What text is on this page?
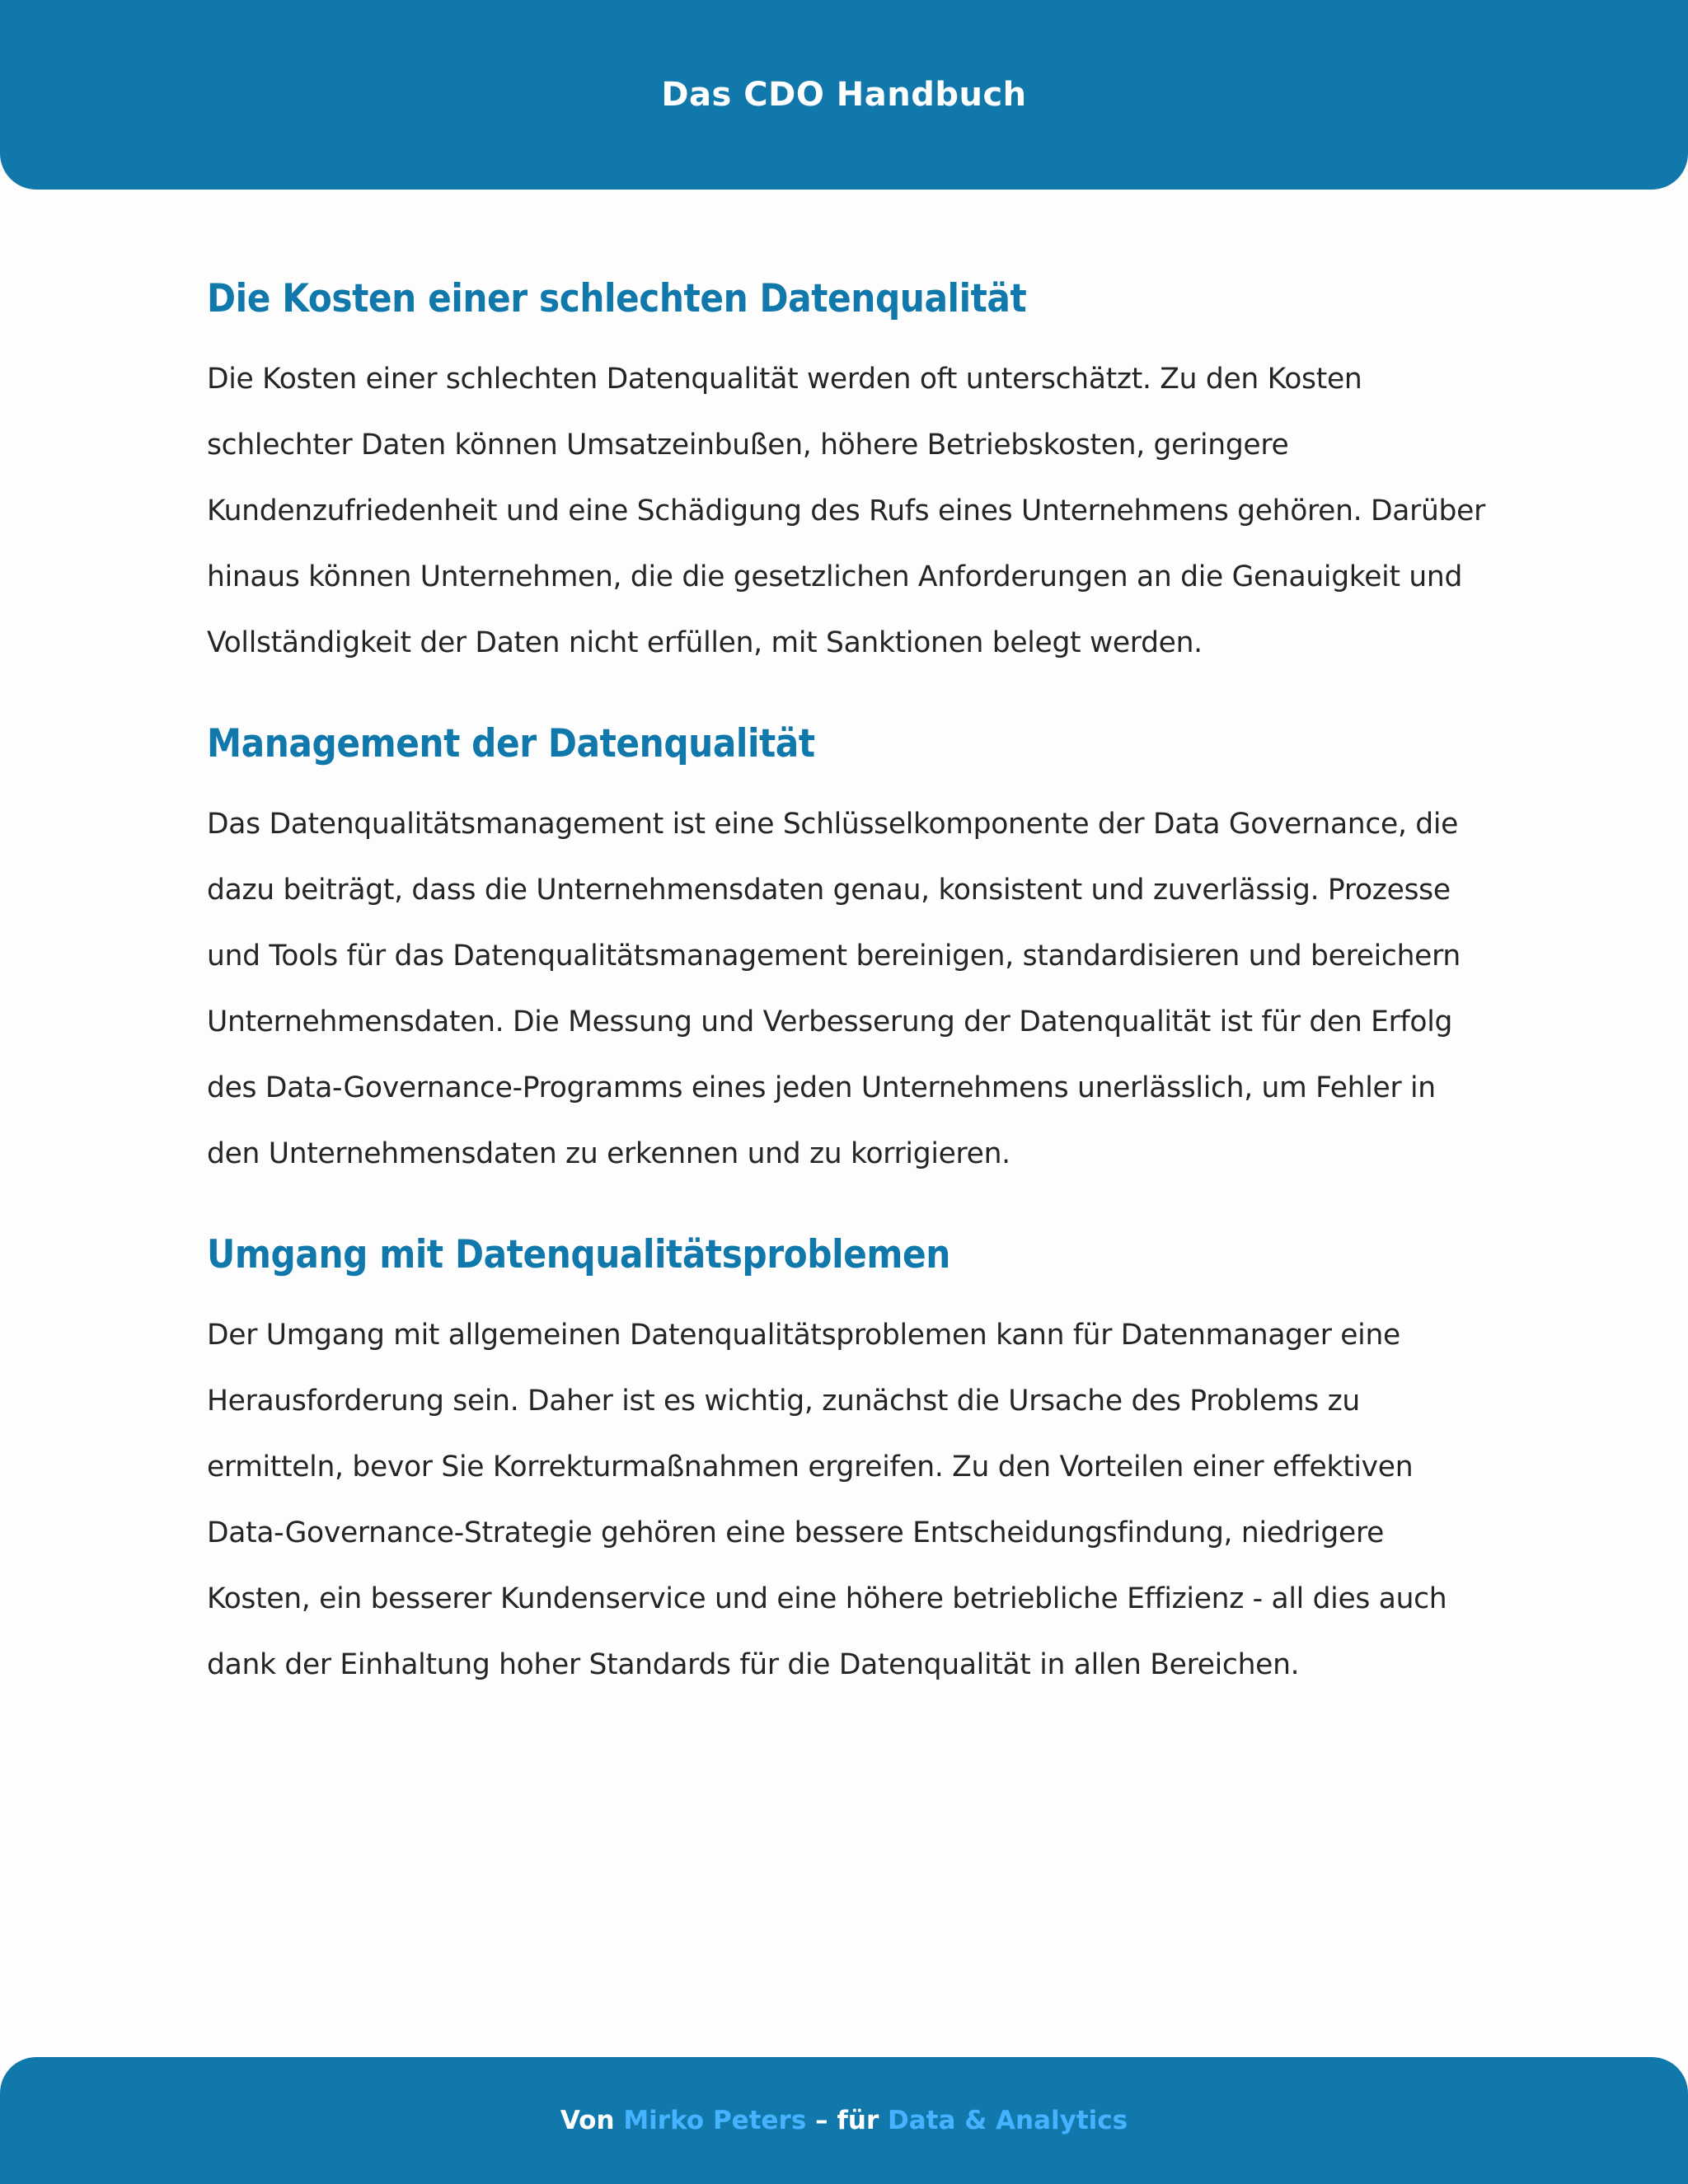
Das CDO Handbuch
Die Kosten einer schlechten Datenqualität

Die Kosten einer schlechten Datenqualität werden oft unterschätzt. Zu den Kosten schlechter Daten können Umsatzeinbußen, höhere Betriebskosten, geringere Kundenzufriedenheit und eine Schädigung des Rufs eines Unternehmens gehören. Darüber hinaus können Unternehmen, die die gesetzlichen Anforderungen an die Genauigkeit und Vollständigkeit der Daten nicht erfüllen, mit Sanktionen belegt werden.

Management der Datenqualität

Das Datenqualitätsmanagement ist eine Schlüsselkomponente der Data Governance, die dazu beiträgt, dass die Unternehmensdaten genau, konsistent und zuverlässig. Prozesse und Tools für das Datenqualitätsmanagement bereinigen, standardisieren und bereichern Unternehmensdaten. Die Messung und Verbesserung der Datenqualität ist für den Erfolg des Data-Governance-Programms eines jeden Unternehmens unerlässlich, um Fehler in den Unternehmensdaten zu erkennen und zu korrigieren.

Umgang mit Datenqualitätsproblemen

Der Umgang mit allgemeinen Datenqualitätsproblemen kann für Datenmanager eine Herausforderung sein. Daher ist es wichtig, zunächst die Ursache des Problems zu ermitteln, bevor Sie Korrekturmaßnahmen ergreifen. Zu den Vorteilen einer effektiven Data-Governance-Strategie gehören eine bessere Entscheidungsfindung, niedrigere Kosten, ein besserer Kundenservice und eine höhere betriebliche Effizienz - all dies auch dank der Einhaltung hoher Standards für die Datenqualität in allen Bereichen.

Von Mirko Peters – für Data & Analytics
